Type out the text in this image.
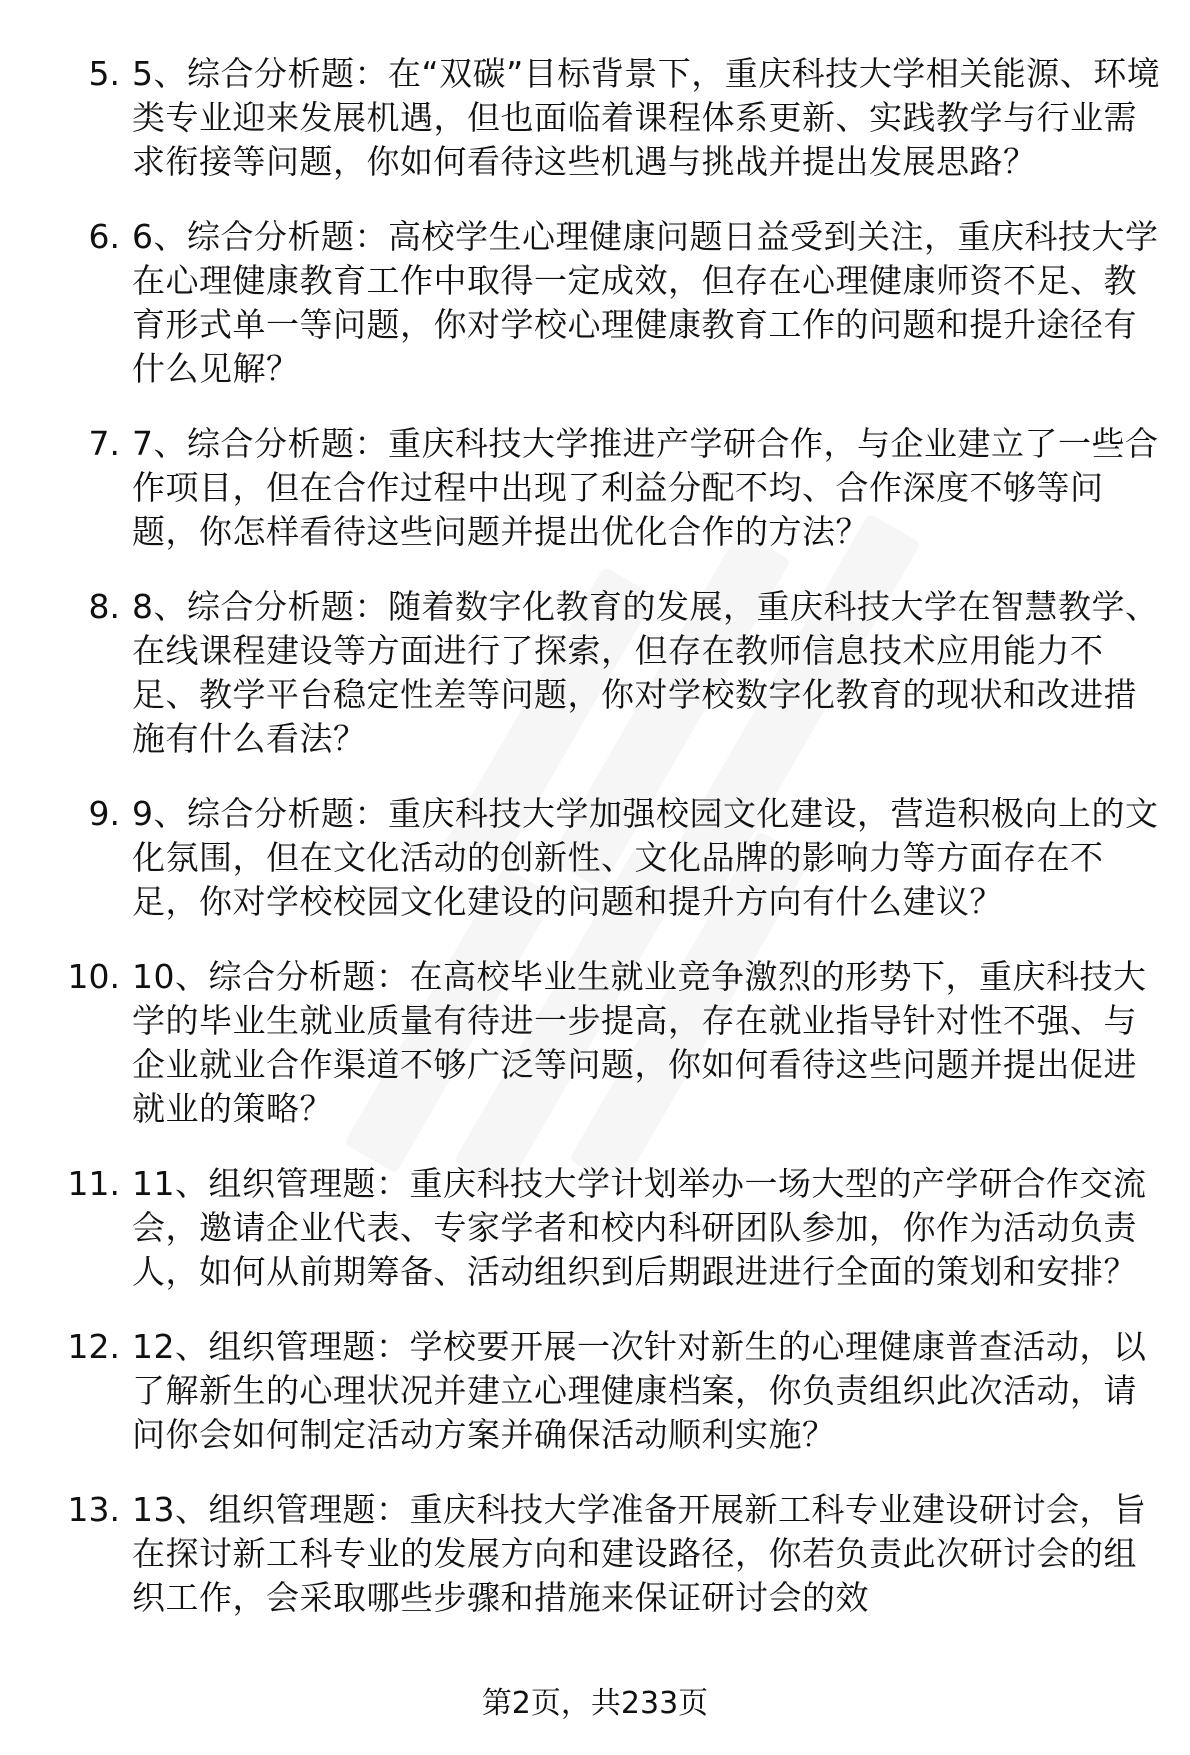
5. 5、综合分析题：在“双碳”目标背景下，重庆科技大学相关能源、环境类专业迎来发展机遇，但也面临着课程体系更新、实践教学与行业需求衔接等问题，你如何看待这些机遇与挑战并提出发展思路？
6. 6、综合分析题：高校学生心理健康问题日益受到关注，重庆科技大学在心理健康教育工作中取得一定成效，但存在心理健康师资不足、教育形式单一等问题，你对学校心理健康教育工作的问题和提升途径有什么见解？
7. 7、综合分析题：重庆科技大学推进产学研合作，与企业建立了一些合作项目，但在合作过程中出现了利益分配不均、合作深度不够等问题，你怎样看待这些问题并提出优化合作的方法？
8. 8、综合分析题：随着数字化教育的发展，重庆科技大学在智慧教学、在线课程建设等方面进行了探索，但存在教师信息技术应用能力不足、教学平台稳定性差等问题，你对学校数字化教育的现状和改进措施有什么看法？
9. 9、综合分析题：重庆科技大学加强校园文化建设，营造积极向上的文化氛围，但在文化活动的创新性、文化品牌的影响力等方面存在不足，你对学校校园文化建设的问题和提升方向有什么建议？
10. 10、综合分析题：在高校毕业生就业竞争激烈的形势下，重庆科技大学的毕业生就业质量有待进一步提高，存在就业指导针对性不强、与企业就业合作渠道不够广泛等问题，你如何看待这些问题并提出促进就业的策略？
11. 11、组织管理题：重庆科技大学计划举办一场大型的产学研合作交流会，邀请企业代表、专家学者和校内科研团队参加，你作为活动负责人，如何从前期筹备、活动组织到后期跟进进行全面的策划和安排？
12. 12、组织管理题：学校要开展一次针对新生的心理健康普查活动，以了解新生的心理状况并建立心理健康档案，你负责组织此次活动，请问你会如何制定活动方案并确保活动顺利实施？
13. 13、组织管理题：重庆科技大学准备开展新工科专业建设研讨会，旨在探讨新工科专业的发展方向和建设路径，你若负责此次研讨会的组织工作，会采取哪些步骤和措施来保证研讨会的效
第2页，共233页
